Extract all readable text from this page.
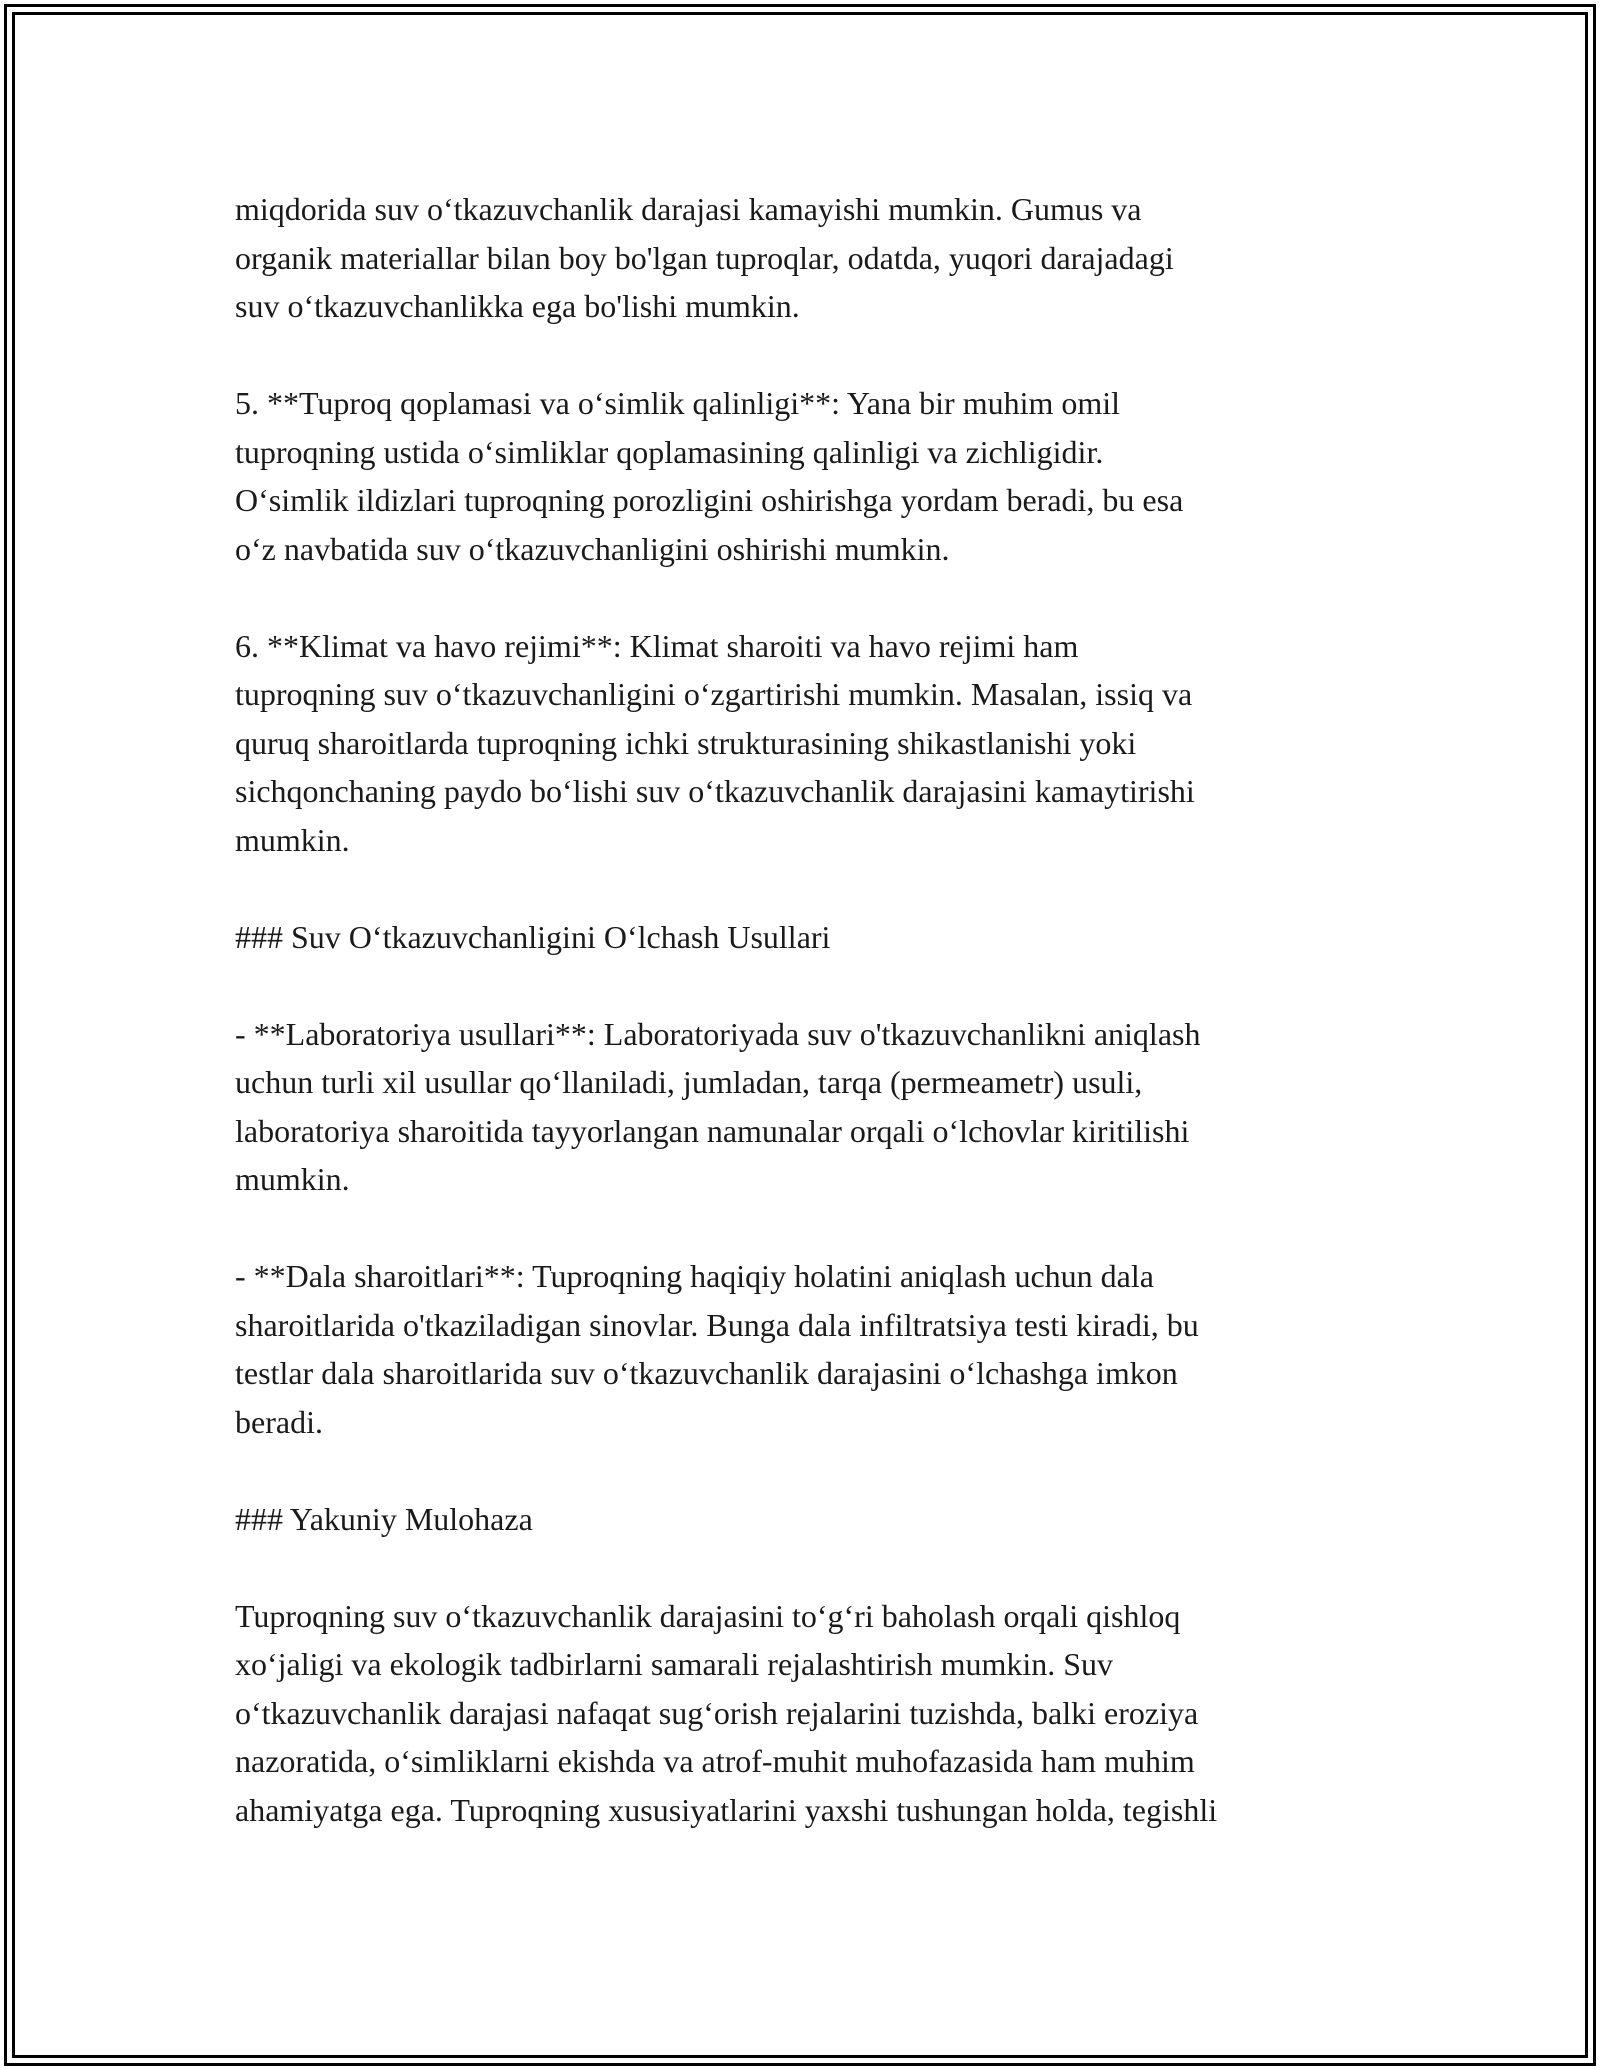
miqdorida suv o‘tkazuvchanlik darajasi kamayishi mumkin. Gumus va
organik materiallar bilan boy bo'lgan tuproqlar, odatda, yuqori darajadagi
suv o‘tkazuvchanlikka ega bo'lishi mumkin.

5. **Tuproq qoplamasi va o‘simlik qalinligi**: Yana bir muhim omil
tuproqning ustida o‘simliklar qoplamasining qalinligi va zichligidir.
O‘simlik ildizlari tuproqning porozligini oshirishga yordam beradi, bu esa
o‘z navbatida suv o‘tkazuvchanligini oshirishi mumkin.

6. **Klimat va havo rejimi**: Klimat sharoiti va havo rejimi ham
tuproqning suv o‘tkazuvchanligini o‘zgartirishi mumkin. Masalan, issiq va
quruq sharoitlarda tuproqning ichki strukturasining shikastlanishi yoki
sichqonchaning paydo bo‘lishi suv o‘tkazuvchanlik darajasini kamaytirishi
mumkin.

### Suv O‘tkazuvchanligini O‘lchash Usullari

- **Laboratoriya usullari**: Laboratoriyada suv o'tkazuvchanlikni aniqlash
uchun turli xil usullar qo‘llaniladi, jumladan, tarqa (permeametr) usuli,
laboratoriya sharoitida tayyorlangan namunalar orqali o‘lchovlar kiritilishi
mumkin.

- **Dala sharoitlari**: Tuproqning haqiqiy holatini aniqlash uchun dala
sharoitlarida o'tkaziladigan sinovlar. Bunga dala infiltratsiya testi kiradi, bu
testlar dala sharoitlarida suv o‘tkazuvchanlik darajasini o‘lchashga imkon
beradi.

### Yakuniy Mulohaza

Tuproqning suv o‘tkazuvchanlik darajasini to‘g‘ri baholash orqali qishloq
xo‘jaligi va ekologik tadbirlarni samarali rejalashtirish mumkin. Suv
o‘tkazuvchanlik darajasi nafaqat sug‘orish rejalarini tuzishda, balki eroziya
nazoratida, o‘simliklarni ekishda va atrof-muhit muhofazasida ham muhim
ahamiyatga ega. Tuproqning xususiyatlarini yaxshi tushungan holda, tegishli
